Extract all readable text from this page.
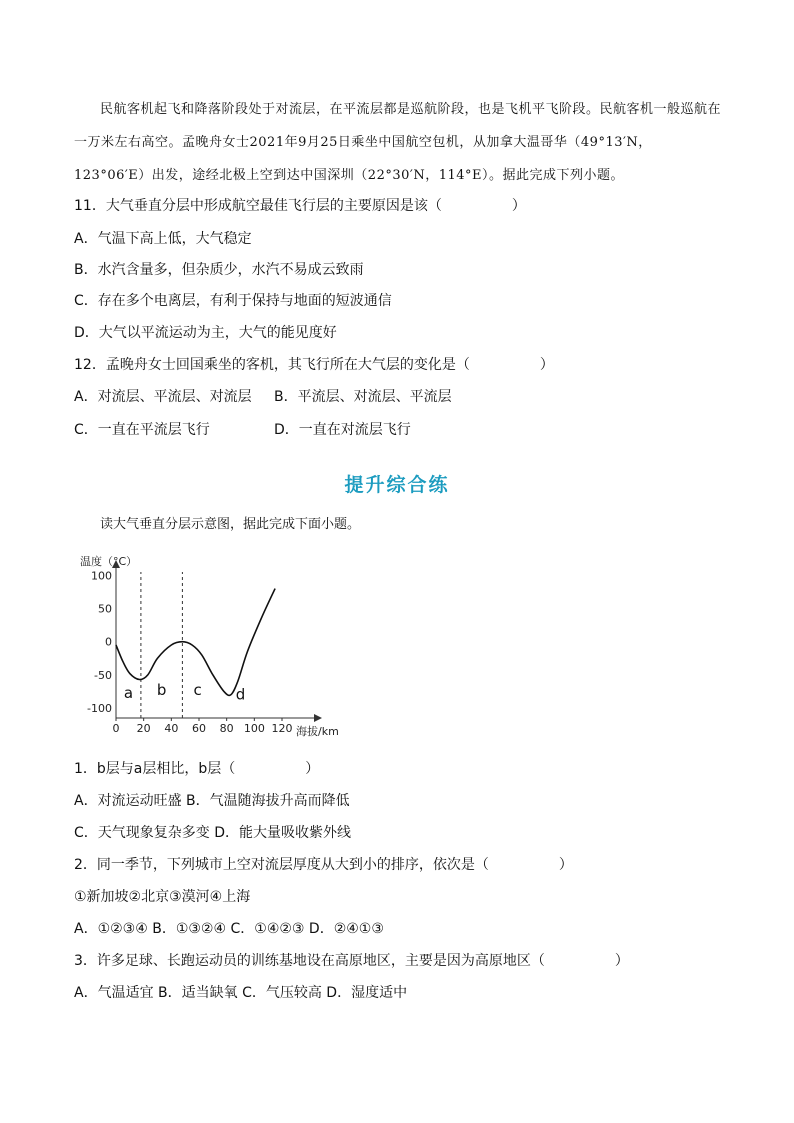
民航客机起飞和降落阶段处于对流层，在平流层都是巡航阶段，也是飞机平飞阶段。民航客机一般巡航在一万米左右高空。孟晚舟女士2021年9月25日乘坐中国航空包机，从加拿大温哥华（49°13′N，123°06′E）出发，途经北极上空到达中国深圳（22°30′N，114°E）。据此完成下列小题。
11．大气垂直分层中形成航空最佳飞行层的主要原因是该（	）
A．气温下高上低，大气稳定
B．水汽含量多，但杂质少，水汽不易成云致雨
C．存在多个电离层，有利于保持与地面的短波通信
D．大气以平流运动为主，大气的能见度好
12．孟晚舟女士回国乘坐的客机，其飞行所在大气层的变化是（	）
A．对流层、平流层、对流层 B．平流层、对流层、平流层
C．一直在平流层飞行	D．一直在对流层飞行
提升综合练
读大气垂直分层示意图，据此完成下面小题。
温度（°C）
海拔/km
0 20 40 60 80 100 120
100
50
0
-50
-100
a b c d
1．b层与a层相比，b层（	）
A．对流运动旺盛 B．气温随海拔升高而降低
C．天气现象复杂多变 D．能大量吸收紫外线
2．同一季节，下列城市上空对流层厚度从大到小的排序，依次是（	）
①新加坡②北京③漠河④上海
A．①②③④ B．①③②④ C．①④②③ D．②④①③
3．许多足球、长跑运动员的训练基地设在高原地区，主要是因为高原地区（	）
A．气温适宜 B．适当缺氧 C．气压较高 D．湿度适中
